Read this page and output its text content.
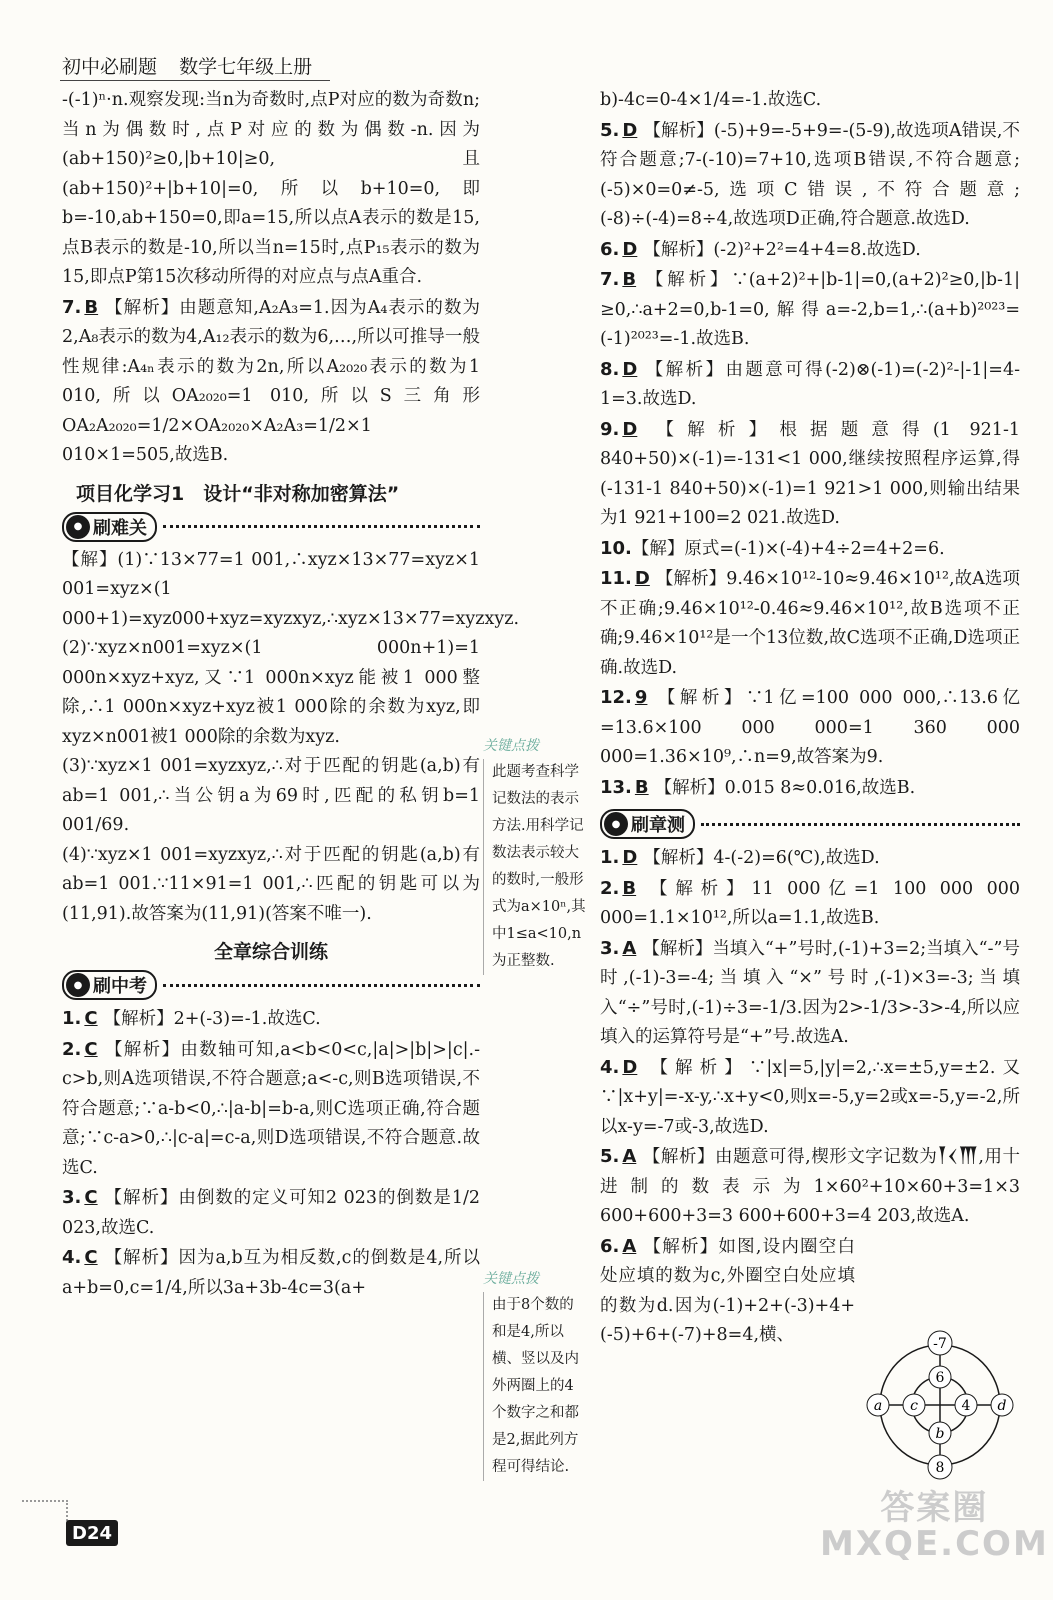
初中必刷题 数学七年级上册

-(-1)ⁿ·n.观察发现:当n为奇数时,点P对应的数为奇数n;当n为偶数时,点P对应的数为偶数-n.因为(ab+150)²≥0,|b+10|≥0,且(ab+150)²+|b+10|=0,所以b+10=0,即b=-10,ab+150=0,即a=15,所以点A表示的数是15,点B表示的数是-10,所以当n=15时,点P₁₅表示的数为15,即点P第15次移动所得的对应点与点A重合.

7. B 【解析】由题意知,A₂A₃=1.因为A₄表示的数为2,A₈表示的数为4,A₁₂表示的数为6,…,所以可推导一般性规律:A₄ₙ表示的数为2n,所以A₂₀₂₀表示的数为1 010,所以OA₂₀₂₀=1 010,所以S三角形OA₂A₂₀₂₀=1/2×OA₂₀₂₀×A₂A₃=1/2×1 010×1=505,故选B.

项目化学习1　设计“非对称加密算法”
● 刷难关

【解】(1)∵13×77=1 001,∴xyz×13×77=xyz×1 001=xyz×(1 000+1)=xyz000+xyz=xyzxyz,∴xyz×13×77=xyzxyz.

(2)∵xyz×n001=xyz×(1 000n+1)=1 000n×xyz+xyz,又∵1 000n×xyz能被1 000整除,∴1 000n×xyz+xyz被1 000除的余数为xyz,即xyz×n001被1 000除的余数为xyz.

(3)∵xyz×1 001=xyzxyz,∴对于匹配的钥匙(a,b)有ab=1 001,∴当公钥a为69时,匹配的私钥b=1 001/69.

(4)∵xyz×1 001=xyzxyz,∴对于匹配的钥匙(a,b)有ab=1 001.∵11×91=1 001,∴匹配的钥匙可以为(11,91).故答案为(11,91)(答案不唯一).

全章综合训练
● 刷中考

1. C 【解析】2+(-3)=-1.故选C.

2. C 【解析】由数轴可知,a<b<0<c,|a|>|b|>|c|.-c>b,则A选项错误,不符合题意;a<-c,则B选项错误,不符合题意;∵a-b<0,∴|a-b|=b-a,则C选项正确,符合题意;∵c-a>0,∴|c-a|=c-a,则D选项错误,不符合题意.故选C.

3. C 【解析】由倒数的定义可知2 023的倒数是1/2 023,故选C.

4. C 【解析】因为a,b互为相反数,c的倒数是4,所以a+b=0,c=1/4,所以3a+3b-4c=3(a+

关键点拨
此题考查科学记数法的表示方法.用科学记数法表示较大的数时,一般形式为a×10ⁿ,其中1≤a<10,n为正整数.
关键点拨
由于8个数的和是4,所以横、竖以及内外两圈上的4个数字之和都是2,据此列方程可得结论.

b)-4c=0-4×1/4=-1.故选C.

5. D 【解析】(-5)+9=-5+9=-(5-9),故选项A错误,不符合题意;7-(-10)=7+10,选项B错误,不符合题意;(-5)×0=0≠-5,选项C错误,不符合题意;(-8)÷(-4)=8÷4,故选项D正确,符合题意.故选D.

6. D 【解析】(-2)²+2²=4+4=8.故选D.

7. B 【解析】∵(a+2)²+|b-1|=0,(a+2)²≥0,|b-1|≥0,∴a+2=0,b-1=0,解得a=-2,b=1,∴(a+b)²⁰²³=(-1)²⁰²³=-1.故选B.

8. D 【解析】由题意可得(-2)⊗(-1)=(-2)²-|-1|=4-1=3.故选D.

9. D 【解析】根据题意得(1 921-1 840+50)×(-1)=-131<1 000,继续按照程序运算,得(-131-1 840+50)×(-1)=1 921>1 000,则输出结果为1 921+100=2 021.故选D.

10.【解】原式=(-1)×(-4)+4÷2=4+2=6.

11. D 【解析】9.46×10¹²-10≈9.46×10¹²,故A选项不正确;9.46×10¹²-0.46≈9.46×10¹²,故B选项不正确;9.46×10¹²是一个13位数,故C选项不正确,D选项正确.故选D.

12. 9 【解析】∵1亿=100 000 000,∴13.6亿=13.6×100 000 000=1 360 000 000=1.36×10⁹,∴n=9,故答案为9.

13. B 【解析】0.015 8≈0.016,故选B.

● 刷章测

1. D 【解析】4-(-2)=6(℃),故选D.

2. B 【解析】11 000亿=1 100 000 000 000=1.1×10¹²,所以a=1.1,故选B.

3. A 【解析】当填入“+”号时,(-1)+3=2;当填入“-”号时,(-1)-3=-4;当填入“×”号时,(-1)×3=-3;当填入“÷”号时,(-1)÷3=-1/3.因为2>-1/3>-3>-4,所以应填入的运算符号是“+”号.故选A.

4. D 【解析】∵|x|=5,|y|=2,∴x=±5,y=±2.又∵|x+y|=-x-y,∴x+y<0,则x=-5,y=2或x=-5,y=-2,所以x-y=-7或-3,故选D.

5. A 【解析】由题意可得,楔形文字记数为𒐕𒌋𒐗,用十进制的数表示为1×60²+10×60+3=1×3 600+600+3=3 600+600+3=4 203,故选A.

6. A 【解析】如图,设内圈空白处应填的数为c,外圈空白处应填的数为d.因为(-1)+2+(-3)+4+(-5)+6+(-7)+8=4,横、	-7
6
a c	4 d
b
8
D24
答案圈
MXQE.COM
